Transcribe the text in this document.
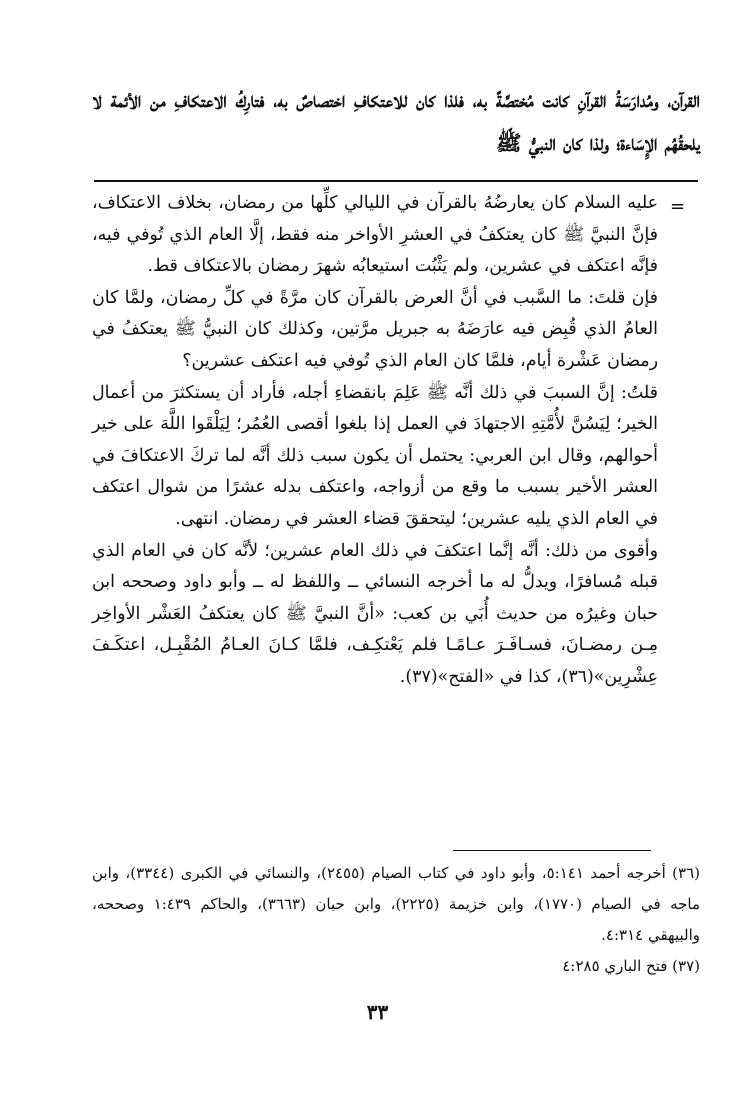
القرآن، ومُدارَسَةُ القرآنِ كانت مُختصَّةً به، فلذا كان للاعتكافِ اختصاصٌ به، فتارِكُ الاعتكافِ من الأئمة لا يلحقُهُم الإِسَاءة؛ ولذا كان النبيُّ ﷺ
=

عليه السلام كان يعارضُهُ بالقرآن في الليالي كلِّها من رمضان، بخلاف الاعتكاف، فإنَّ النبيَّ ﷺ كان يعتكفُ في العشرِ الأواخر منه فقط، إلَّا العام الذي تُوفي فيه، فإنَّه اعتكف في عشرين، ولم يَثْبُت استيعابُه شهرَ رمضان بالاعتكاف قط.

فإن قلتَ: ما السَّبب في أنَّ العرض بالقرآن كان مرَّةً في كلِّ رمضان، ولمَّا كان العامُ الذي قُبِض فيه عارَضَهُ به جبريل مرَّتين، وكذلك كان النبيُّ ﷺ يعتكفُ في رمضان عَشْرة أيام، فلمَّا كان العام الذي تُوفي فيه اعتكف عشرين؟

قلتُ: إنَّ السببَ في ذلك أنَّه ﷺ عَلِمَ بانقضاءِ أجله، فأراد أن يستكثرَ من أعمال الخير؛ لِيَسُنَّ لأُمَّتِهِ الاجتهادَ في العمل إذا بلغوا أقصى العُمُر؛ لِيَلْقَوا اللَّهَ على خير أحوالهم، وقال ابن العربي: يحتمل أن يكون سبب ذلك أنَّه لما تركَ الاعتكافَ في العشر الأخير بسبب ما وقع من أزواجه، واعتكف بدله عشرًا من شوال اعتكف في العام الذي يليه عشرين؛ ليتحققَ قضاء العشر في رمضان. انتهى.

وأقوى من ذلك: أنَّه إنَّما اعتكفَ في ذلك العام عشرين؛ لأنَّه كان في العام الذي قبله مُسافرًا، ويدلُّ له ما أخرجه النسائي ــ واللفظ له ــ وأبو داود وصححه ابن حبان وغيرُه من حديث أُبَي بن كعب: «أنَّ النبيَّ ﷺ كان يعتكفُ العَشْر الأواخِر مِـن رمضـانَ، فسـافَـرَ عـامًـا فلم يَعْتكِـف، فلمَّا كـانَ العـامُ المُقْبِـل، اعتكَـفَ عِشْرِين»(٣٦)، كذا في «الفتح»(٣٧).

(٣٦) أخرجه أحمد ٥:١٤١، وأبو داود في كتاب الصيام (٢٤٥٥)، والنسائي في الكبرى (٣٣٤٤)، وابن ماجه في الصيام (١٧٧٠)، وابن خزيمة (٢٢٢٥)، وابن حبان (٣٦٦٣)، والحاكم ١:٤٣٩ وصححه، والبيهقي ٤:٣١٤.

(٣٧) فتح الباري ٤:٢٨٥

٣٣
